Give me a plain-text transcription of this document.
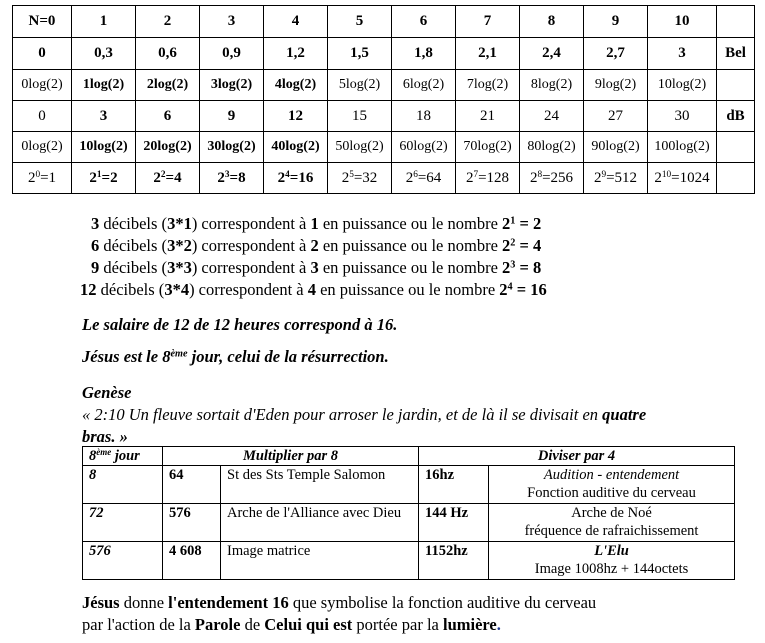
N=0	1	2	3	4	5	6	7	8	9	10	
0	0,3	0,6	0,9	1,2	1,5	1,8	2,1	2,4	2,7	3	Bel
0log(2)	1log(2)	2log(2)	3log(2)	4log(2)	5log(2)	6log(2)	7log(2)	8log(2)	9log(2)	10log(2)	
0	3	6	9	12	15	18	21	24	27	30	dB
0log(2)	10log(2)	20log(2)	30log(2)	40log(2)	50log(2)	60log(2)	70log(2)	80log(2)	90log(2)	100log(2)	
$2^0=1$	$2^1=2$	$2^2=4$	$2^3=8$	$2^4=16$	$2^5=32$	$2^6=64$	$2^7=128$	$2^8=256$	$2^9=512$	$2^{10}=1024$	
3 décibels (3*1) correspondent à 1 en puissance ou le nombre $2^1 = 2$
6 décibels (3*2) correspondent à 2 en puissance ou le nombre $2^2 = 4$
9 décibels (3*3) correspondent à 3 en puissance ou le nombre $2^3 = 8$
12 décibels (3*4) correspondent à 4 en puissance ou le nombre $2^4 = 16$
Le salaire de 12 de 12 heures correspond à 16.
Jésus est le 8ème jour, celui de la résurrection.
Genèse
« 2:10 Un fleuve sortait d'Eden pour arroser le jardin, et de là il se divisait en quatre bras. »
8ème jour	Multiplier par 8		Diviser par 4	
8	64	St des Sts Temple Salomon	16hz	Audition - entendement
Fonction auditive du cerveau

72	576	Arche de l'Alliance avec Dieu	144 Hz	Arche de Noé
fréquence de rafraichissement

576	4 608	Image matrice	1152hz	L'Elu
Image 1008hz + 144octets
Jésus donne l'entendement 16 que symbolise la fonction auditive du cerveau
par l'action de la Parole de Celui qui est portée par la lumière.
